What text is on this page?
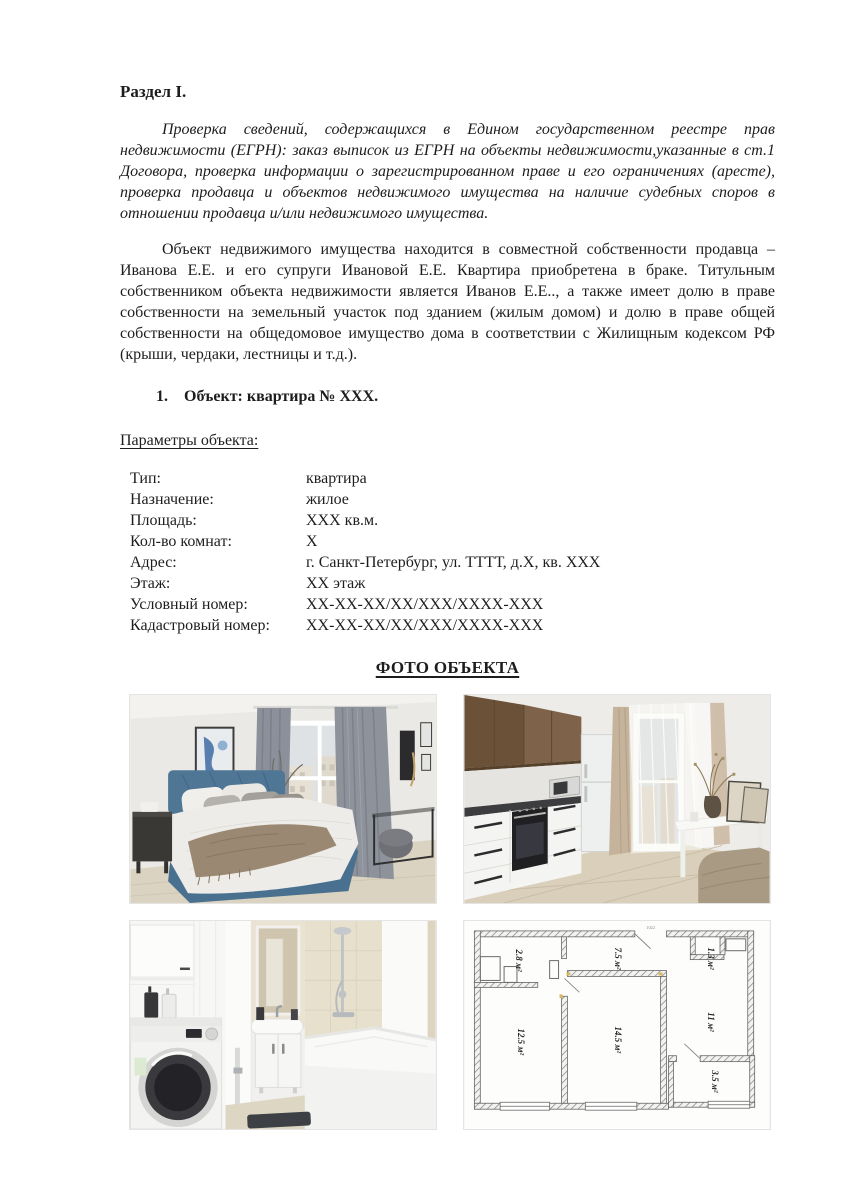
Раздел I.

Проверка сведений, содержащихся в Едином государственном реестре прав недвижимости (ЕГРН): заказ выписок из ЕГРН на объекты недвижимости,указанные в ст.1 Договора, проверка информации о зарегистрированном праве и его ограничениях (аресте), проверка продавца и объектов недвижимого имущества на наличие судебных споров в отношении продавца и/или недвижимого имущества.

Объект недвижимого имущества находится в совместной собственности продавца – Иванова Е.Е. и его супруги Ивановой Е.Е. Квартира приобретена в браке. Титульным собственником объекта недвижимости является Иванов Е.Е.., а также имеет долю в праве собственности на земельный участок под зданием (жилым домом) и долю в праве общей собственности на общедомовое имущество дома в соответствии с Жилищным кодексом РФ (крыши, чердаки, лестницы и т.д.).

1.	Объект: квартира № XXX.
Параметры объекта:
Тип:	квартира
Назначение:	жилое
Площадь:	XXX кв.м.
Кол-во комнат:	X
Адрес:	г. Санкт-Петербург, ул. ТТТТ, д.X, кв. XXX
Этаж:	XX этаж
Условный номер:	XX-XX-XX/XX/XXX/XXXX-XXX
Кадастровый номер:	XX-XX-XX/XX/XXX/XXXX-XXX
ФОТО ОБЪЕКТА
2.8 м²	7.5 м²	1.3 м²
12.5 м²	14.5 м²
11 м²
3.5 м²
1022
